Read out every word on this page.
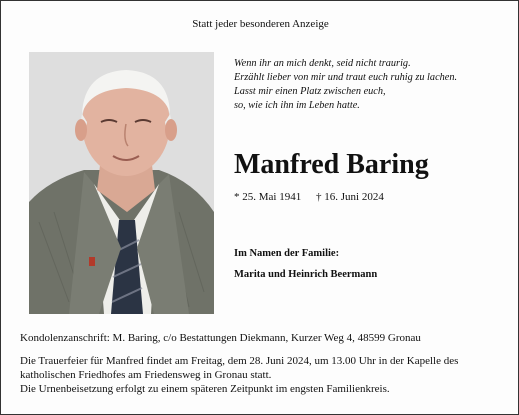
Statt jeder besonderen Anzeige
Wenn ihr an mich denkt, seid nicht traurig.
Erzählt lieber von mir und traut euch ruhig zu lachen.
Lasst mir einen Platz zwischen euch,
so, wie ich ihn im Leben hatte.
Manfred Baring
* 25. Mai 1941 † 16. Juni 2024
Im Namen der Familie:
Marita und Heinrich Beermann
Kondolenzanschrift: M. Baring, c/o Bestattungen Diekmann, Kurzer Weg 4, 48599 Gronau
Die Trauerfeier für Manfred findet am Freitag, dem 28. Juni 2024, um 13.00 Uhr in der Kapelle des
katholischen Friedhofes am Friedensweg in Gronau statt.
Die Urnenbeisetzung erfolgt zu einem späteren Zeitpunkt im engsten Familienkreis.
